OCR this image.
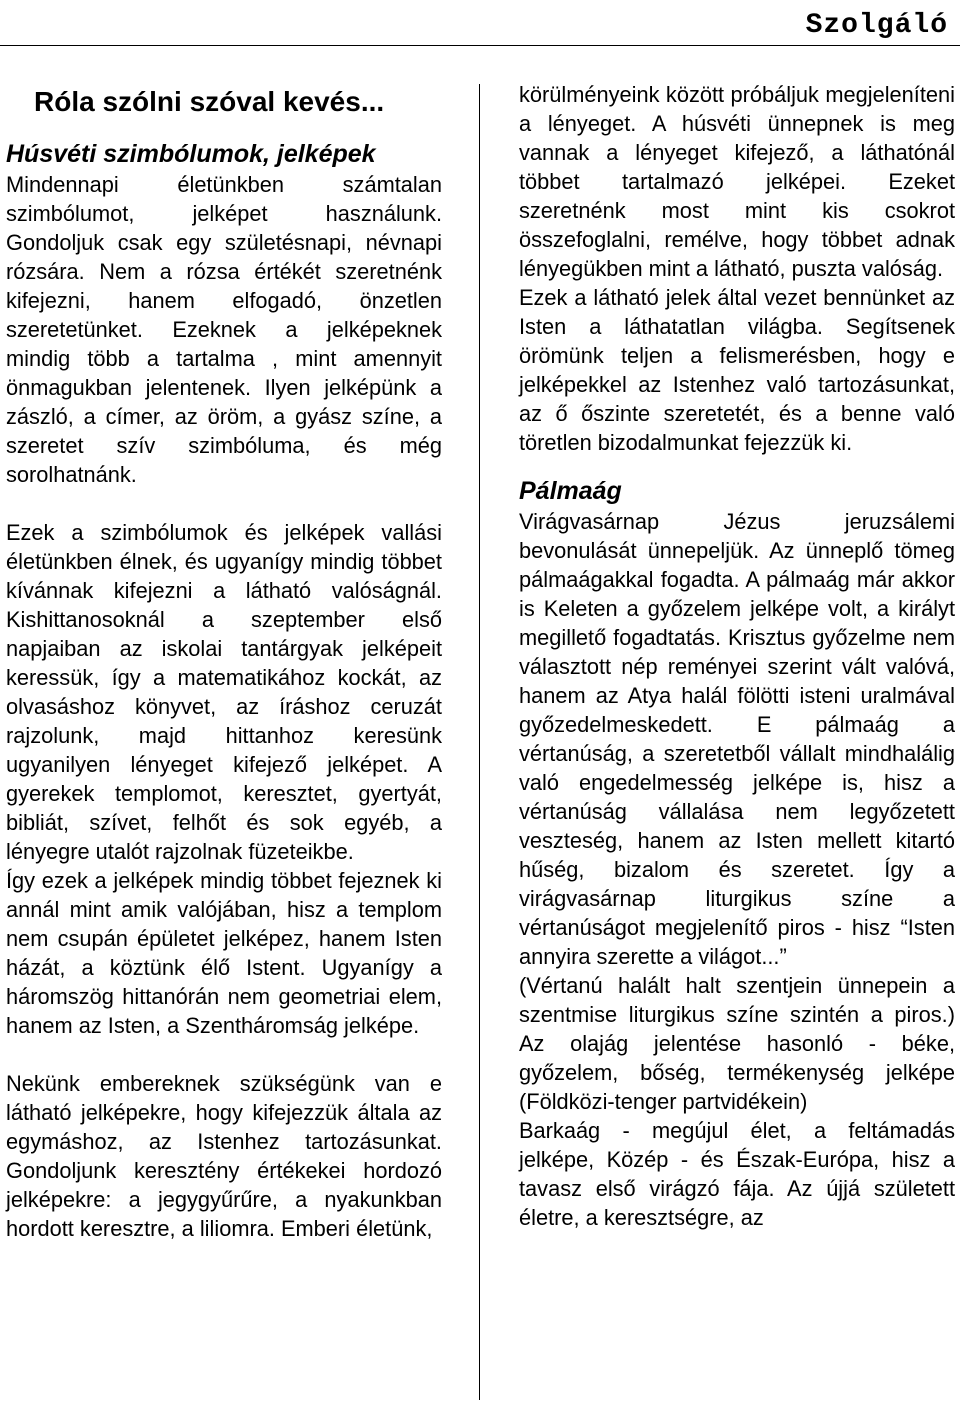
Szolgáló

Róla szólni szóval kevés...

Húsvéti szimbólumok, jelképek

Mindennapi életünkben számtalan szimbólumot, jelképet használunk. Gondoljuk csak egy születésnapi, névnapi rózsára. Nem a rózsa értékét szeretnénk kifejezni, hanem elfogadó, önzetlen szeretetünket. Ezeknek a jelképeknek mindig több a tartalma , mint amennyit önmagukban jelentenek. Ilyen jelképünk a zászló, a címer, az öröm, a gyász színe, a szeretet szív szimbóluma, és még sorolhatnánk.

Ezek a szimbólumok és jelképek vallási életünkben élnek, és ugyanígy mindig többet kívánnak kifejezni a látható valóságnál. Kishittanosoknál a szeptember első napjaiban az iskolai tantárgyak jelképeit keressük, így a matematikához kockát, az olvasáshoz könyvet, az íráshoz ceruzát rajzolunk, majd hittanhoz keresünk ugyanilyen lényeget kifejező jelképet. A gyerekek templomot, keresztet, gyertyát, bibliát, szívet, felhőt és sok egyéb, a lényegre utalót rajzolnak füzeteikbe.

Így ezek a jelképek mindig többet fejeznek ki annál mint amik valójában, hisz a templom nem csupán épületet jelképez, hanem Isten házát, a köztünk élő Istent. Ugyanígy a háromszög hittanórán nem geometriai elem, hanem az Isten, a Szentháromság jelképe.

Nekünk embereknek szükségünk van e látható jelképekre, hogy kifejezzük általa az egymáshoz, az Istenhez tartozásunkat. Gondoljunk keresztény értékekei hordozó jelképekre: a jegygyűrűre, a nyakunkban hordott keresztre, a liliomra. Emberi életünk,

körülményeink között próbáljuk megjeleníteni a lényeget. A húsvéti ünnepnek is meg vannak a lényeget kifejező, a láthatónál többet tartalmazó jelképei. Ezeket szeretnénk most mint kis csokrot összefoglalni, remélve, hogy többet adnak lényegükben mint a látható, puszta valóság.

Ezek a látható jelek által vezet bennünket az Isten a láthatatlan világba. Segítsenek örömünk teljen a felismerésben, hogy e jelképekkel az Istenhez való tartozásunkat, az ő őszinte szeretetét, és a benne való töretlen bizodalmunkat fejezzük ki.

Pálmaág

Virágvasárnap Jézus jeruzsálemi bevonulását ünnepeljük. Az ünneplő tömeg pálmaágakkal fogadta. A pálmaág már akkor is Keleten a győzelem jelképe volt, a királyt megillető fogadtatás. Krisztus győzelme nem választott nép reményei szerint vált valóvá, hanem az Atya halál fölötti isteni uralmával győzedelmeskedett. E pálmaág a vértanúság, a szeretetből vállalt mindhalálig való engedelmesség jelképe is, hisz a vértanúság vállalása nem legyőzetett veszteség, hanem az Isten mellett kitartó hűség, bizalom és szeretet. Így a virágvasárnap liturgikus színe a vértanúságot megjelenítő piros - hisz “Isten annyira szerette a világot...”

(Vértanú halált halt szentjein ünnepein a szentmise liturgikus színe szintén a piros.) Az olajág jelentése hasonló - béke, győzelem, bőség, termékenység jelképe (Földközi-tenger partvidékein)

Barkaág - megújul élet, a feltámadás jelképe, Közép - és Észak-Európa, hisz a tavasz első virágzó fája. Az újjá született életre, a keresztségre, az
